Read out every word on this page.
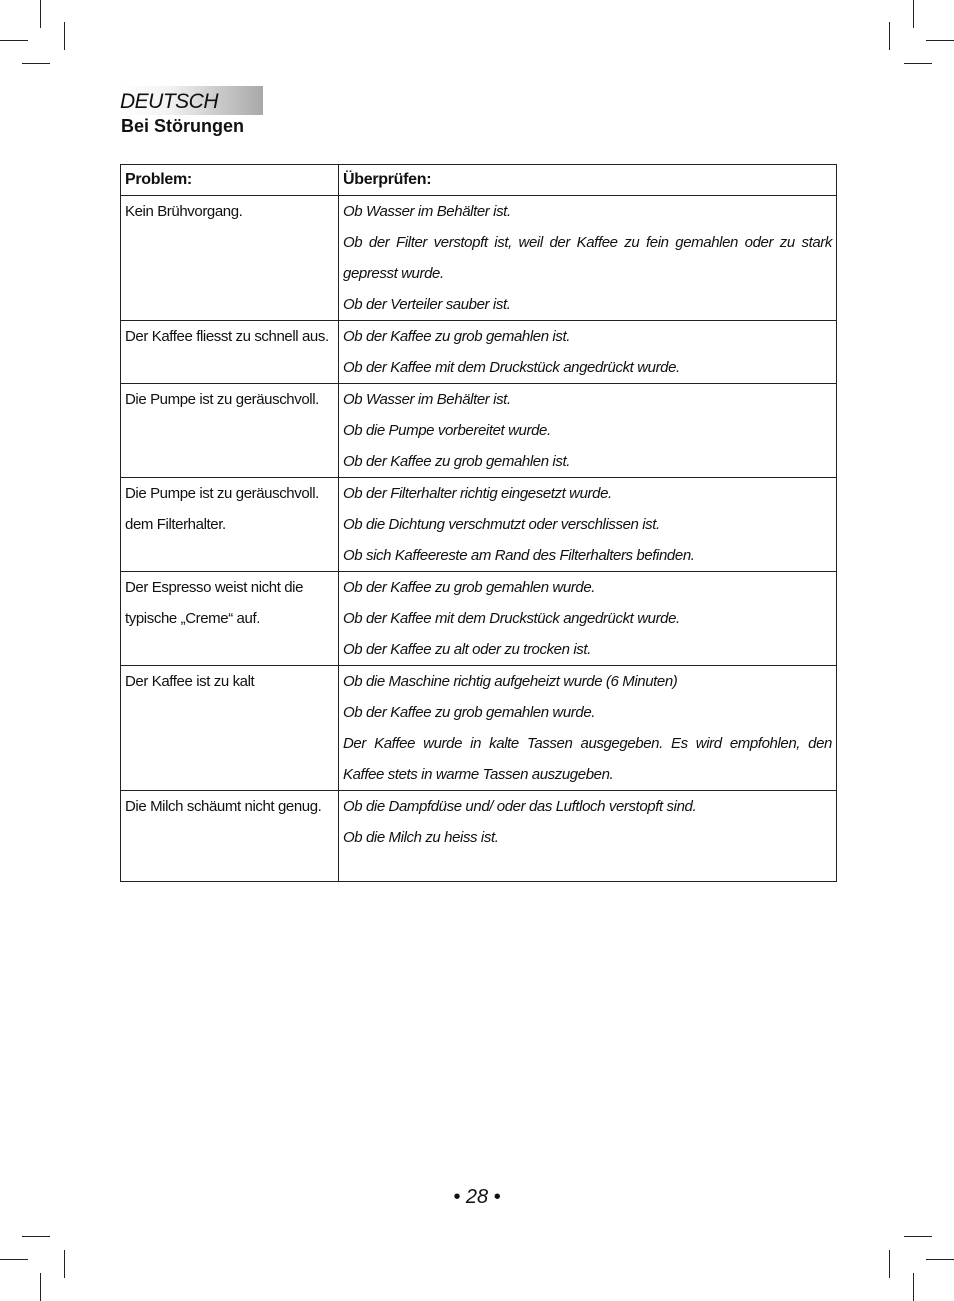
DEUTSCH
Bei Störungen
Problem:	Überprüfen:
Kein Brühvorgang.	Ob Wasser im Behälter ist.
Ob der Filter verstopft ist, weil der Kaffee zu fein gemahlen oder zu stark gepresst wurde.
Ob der Verteiler sauber ist.

Der Kaffee fliesst zu schnell aus.	Ob der Kaffee zu grob gemahlen ist.
Ob der Kaffee mit dem Druckstück angedrückt wurde.

Die Pumpe ist zu geräuschvoll.	Ob Wasser im Behälter ist.
Ob die Pumpe vorbereitet wurde.
Ob der Kaffee zu grob gemahlen ist.

Die Pumpe ist zu geräuschvoll. dem Filterhalter.	Ob der Filterhalter richtig eingesetzt wurde.
Ob die Dichtung verschmutzt oder verschlissen ist.
Ob sich Kaffeereste am Rand des Filterhalters befinden.

Der Espresso weist nicht die typische „Creme“ auf.	Ob der Kaffee zu grob gemahlen wurde.
Ob der Kaffee mit dem Druckstück angedrückt wurde.
Ob der Kaffee zu alt oder zu trocken ist.

Der Kaffee ist zu kalt	Ob die Maschine richtig aufgeheizt wurde (6 Minuten)
Ob der Kaffee zu grob gemahlen wurde.
Der Kaffee wurde in kalte Tassen ausgegeben. Es wird empfohlen, den Kaffee stets in warme Tassen auszugeben.

Die Milch schäumt nicht genug.	Ob die Dampfdüse und/ oder das Luftloch verstopft sind.
Ob die Milch zu heiss ist.
• 28 •
